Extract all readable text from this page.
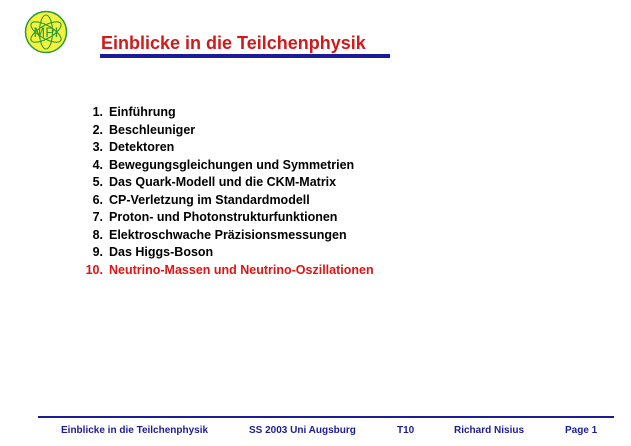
MPI
Einblicke in die Teilchenphysik
1. Einführung
2. Beschleuniger
3. Detektoren
4. Bewegungsgleichungen und Symmetrien
5. Das Quark-Modell und die CKM-Matrix
6. CP-Verletzung im Standardmodell
7. Proton- und Photonstrukturfunktionen
8. Elektroschwache Präzisionsmessungen
9. Das Higgs-Boson
10. Neutrino-Massen und Neutrino-Oszillationen
Einblicke in die Teilchenphysik	SS 2003 Uni Augsburg	T10	Richard Nisius	Page 1
